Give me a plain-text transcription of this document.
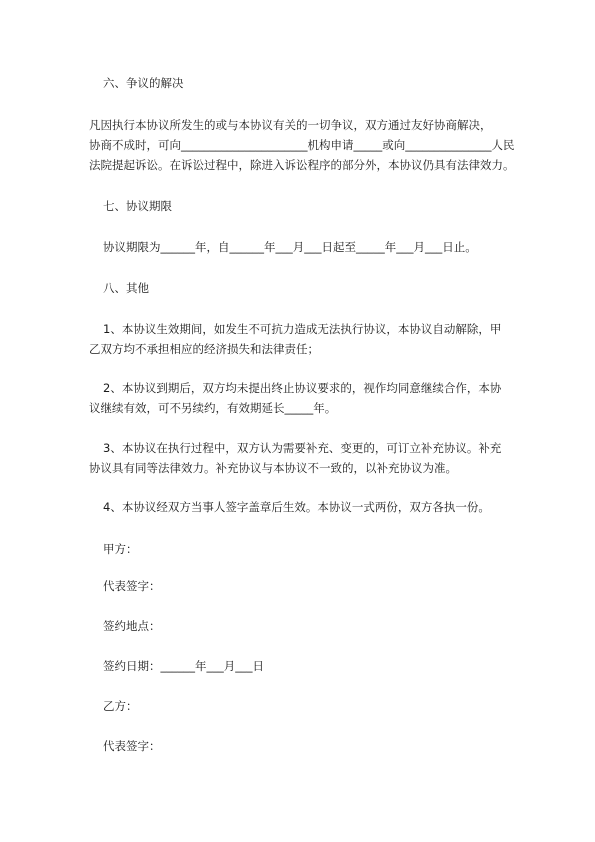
六、争议的解决
凡因执行本协议所发生的或与本协议有关的一切争议，双方通过友好协商解决，
协商不成时，可向______________________机构申请_____或向_______________人民
法院提起诉讼。在诉讼过程中，除进入诉讼程序的部分外，本协议仍具有法律效力。
七、协议期限
协议期限为______年，自______年___月___日起至_____年___月___日止。
八、其他
1、本协议生效期间，如发生不可抗力造成无法执行协议，本协议自动解除，甲
乙双方均不承担相应的经济损失和法律责任；
2、本协议到期后，双方均未提出终止协议要求的，视作均同意继续合作，本协
议继续有效，可不另续约，有效期延长_____年。
3、本协议在执行过程中，双方认为需要补充、变更的，可订立补充协议。补充
协议具有同等法律效力。补充协议与本协议不一致的，以补充协议为准。
4、本协议经双方当事人签字盖章后生效。本协议一式两份，双方各执一份。
甲方：
代表签字：
签约地点：
签约日期：______年___月___日
乙方：
代表签字：
